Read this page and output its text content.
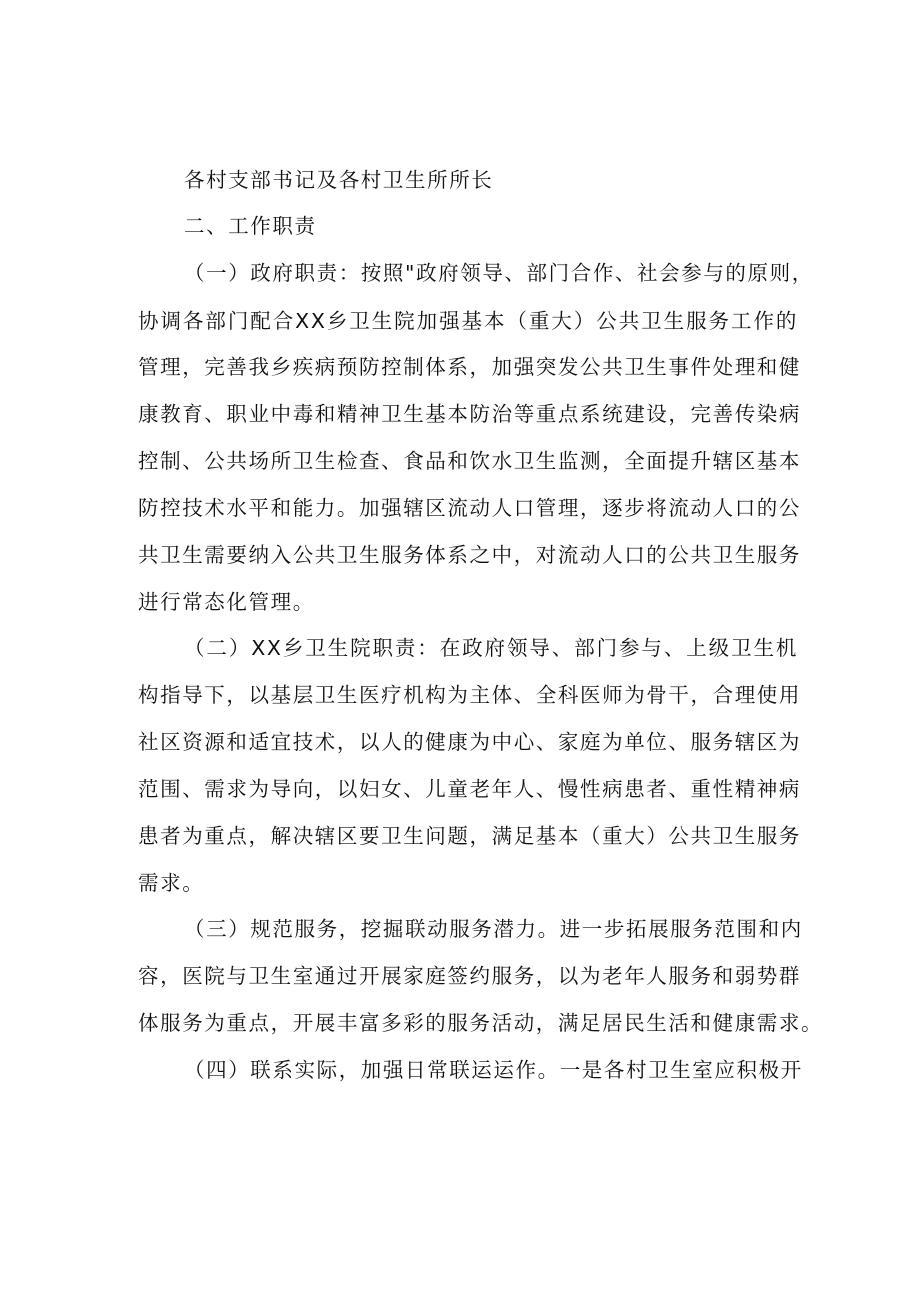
各村支部书记及各村卫生所所长
二、工作职责
（一）政府职责：按照"政府领导、部门合作、社会参与的原则，
协调各部门配合XX乡卫生院加强基本（重大）公共卫生服务工作的
管理，完善我乡疾病预防控制体系，加强突发公共卫生事件处理和健
康教育、职业中毒和精神卫生基本防治等重点系统建设，完善传染病
控制、公共场所卫生检查、食品和饮水卫生监测，全面提升辖区基本
防控技术水平和能力。加强辖区流动人口管理，逐步将流动人口的公
共卫生需要纳入公共卫生服务体系之中，对流动人口的公共卫生服务
进行常态化管理。
（二）XX乡卫生院职责：在政府领导、部门参与、上级卫生机
构指导下，以基层卫生医疗机构为主体、全科医师为骨干，合理使用
社区资源和适宜技术，以人的健康为中心、家庭为单位、服务辖区为
范围、需求为导向，以妇女、儿童老年人、慢性病患者、重性精神病
患者为重点，解决辖区要卫生问题，满足基本（重大）公共卫生服务
需求。
（三）规范服务，挖掘联动服务潜力。进一步拓展服务范围和内
容，医院与卫生室通过开展家庭签约服务，以为老年人服务和弱势群
体服务为重点，开展丰富多彩的服务活动，满足居民生活和健康需求。
（四）联系实际，加强日常联运运作。一是各村卫生室应积极开
